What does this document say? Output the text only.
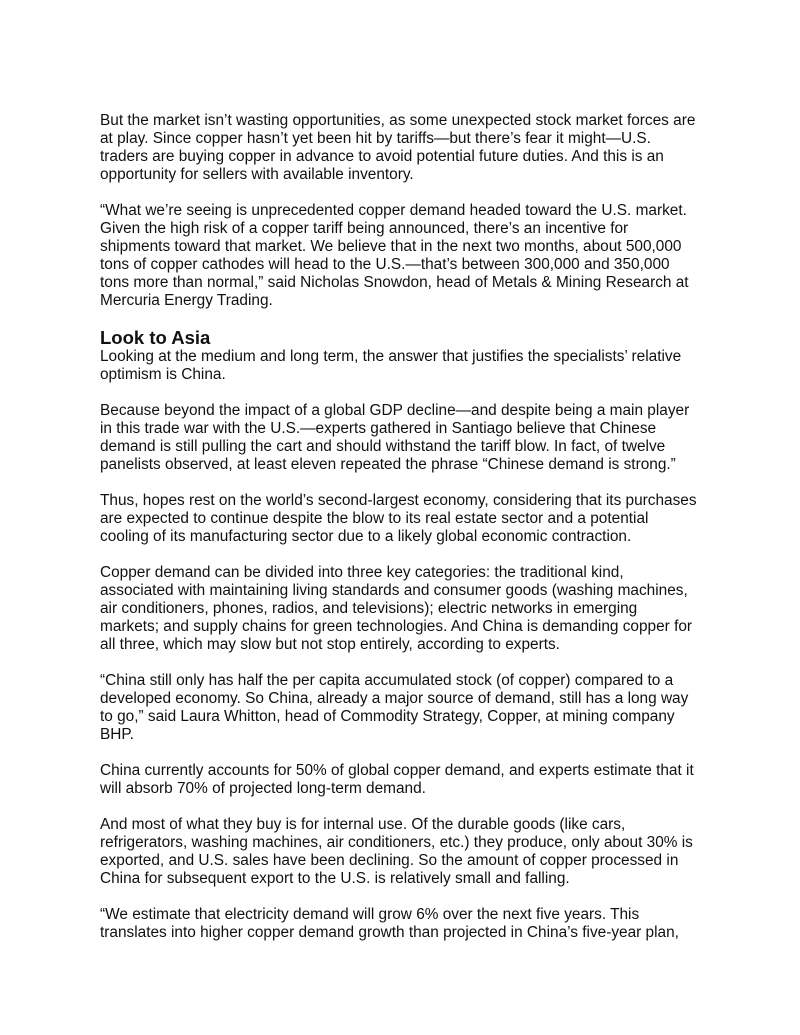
But the market isn’t wasting opportunities, as some unexpected stock market forces are at play. Since copper hasn’t yet been hit by tariffs—but there’s fear it might—U.S. traders are buying copper in advance to avoid potential future duties. And this is an opportunity for sellers with available inventory.

“What we’re seeing is unprecedented copper demand headed toward the U.S. market. Given the high risk of a copper tariff being announced, there’s an incentive for shipments toward that market. We believe that in the next two months, about 500,000 tons of copper cathodes will head to the U.S.—that’s between 300,000 and 350,000 tons more than normal,” said Nicholas Snowdon, head of Metals & Mining Research at Mercuria Energy Trading.

Look to Asia

Looking at the medium and long term, the answer that justifies the specialists’ relative optimism is China.

Because beyond the impact of a global GDP decline—and despite being a main player in this trade war with the U.S.—experts gathered in Santiago believe that Chinese demand is still pulling the cart and should withstand the tariff blow. In fact, of twelve panelists observed, at least eleven repeated the phrase “Chinese demand is strong.”

Thus, hopes rest on the world’s second-largest economy, considering that its purchases are expected to continue despite the blow to its real estate sector and a potential cooling of its manufacturing sector due to a likely global economic contraction.

Copper demand can be divided into three key categories: the traditional kind, associated with maintaining living standards and consumer goods (washing machines, air conditioners, phones, radios, and televisions); electric networks in emerging markets; and supply chains for green technologies. And China is demanding copper for all three, which may slow but not stop entirely, according to experts.

“China still only has half the per capita accumulated stock (of copper) compared to a developed economy. So China, already a major source of demand, still has a long way to go,” said Laura Whitton, head of Commodity Strategy, Copper, at mining company BHP.

China currently accounts for 50% of global copper demand, and experts estimate that it will absorb 70% of projected long-term demand.

And most of what they buy is for internal use. Of the durable goods (like cars, refrigerators, washing machines, air conditioners, etc.) they produce, only about 30% is exported, and U.S. sales have been declining. So the amount of copper processed in China for subsequent export to the U.S. is relatively small and falling.

“We estimate that electricity demand will grow 6% over the next five years. This translates into higher copper demand growth than projected in China’s five-year plan,
